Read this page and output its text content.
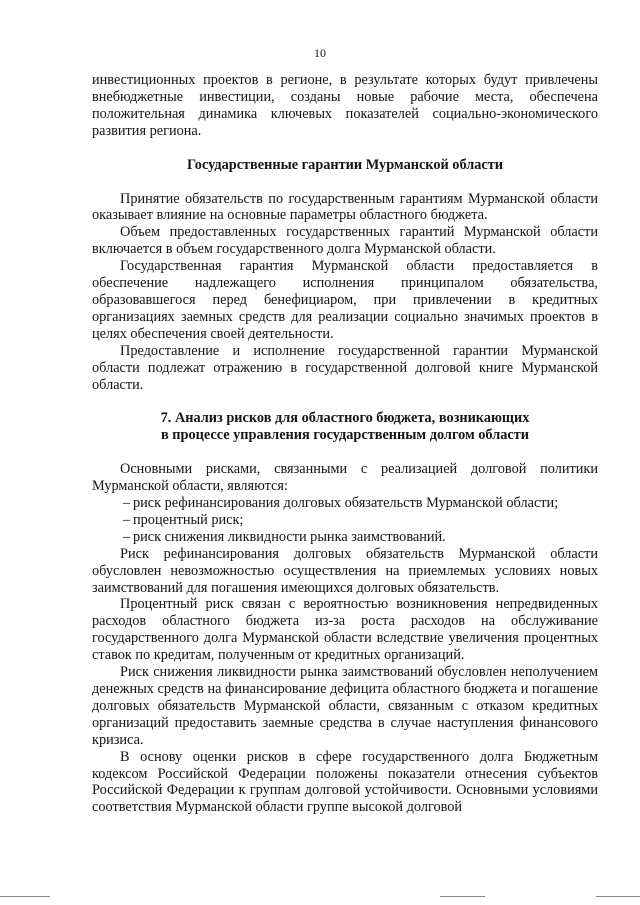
10

инвестиционных проектов в регионе, в результате которых будут привлечены внебюджетные инвестиции, созданы новые рабочие места, обеспечена положительная динамика ключевых показателей социально-экономического развития региона.

Государственные гарантии Мурманской области

Принятие обязательств по государственным гарантиям Мурманской области оказывает влияние на основные параметры областного бюджета.

Объем предоставленных государственных гарантий Мурманской области включается в объем государственного долга Мурманской области.

Государственная гарантия Мурманской области предоставляется в обеспечение надлежащего исполнения принципалом обязательства, образовавшегося перед бенефициаром, при привлечении в кредитных организациях заемных средств для реализации социально значимых проектов в целях обеспечения своей деятельности.

Предоставление и исполнение государственной гарантии Мурманской области подлежат отражению в государственной долговой книге Мурманской области.

7. Анализ рисков для областного бюджета, возникающих
в процессе управления государственным долгом области

Основными рисками, связанными с реализацией долговой политики Мурманской области, являются:

– риск рефинансирования долговых обязательств Мурманской области;
– процентный риск;
– риск снижения ликвидности рынка заимствований.

Риск рефинансирования долговых обязательств Мурманской области обусловлен невозможностью осуществления на приемлемых условиях новых заимствований для погашения имеющихся долговых обязательств.

Процентный риск связан с вероятностью возникновения непредвиденных расходов областного бюджета из-за роста расходов на обслуживание государственного долга Мурманской области вследствие увеличения процентных ставок по кредитам, полученным от кредитных организаций.

Риск снижения ликвидности рынка заимствований обусловлен неполучением денежных средств на финансирование дефицита областного бюджета и погашение долговых обязательств Мурманской области, связанным с отказом кредитных организаций предоставить заемные средства в случае наступления финансового кризиса.

В основу оценки рисков в сфере государственного долга Бюджетным кодексом Российской Федерации положены показатели отнесения субъектов Российской Федерации к группам долговой устойчивости. Основными условиями соответствия Мурманской области группе высокой долговой
